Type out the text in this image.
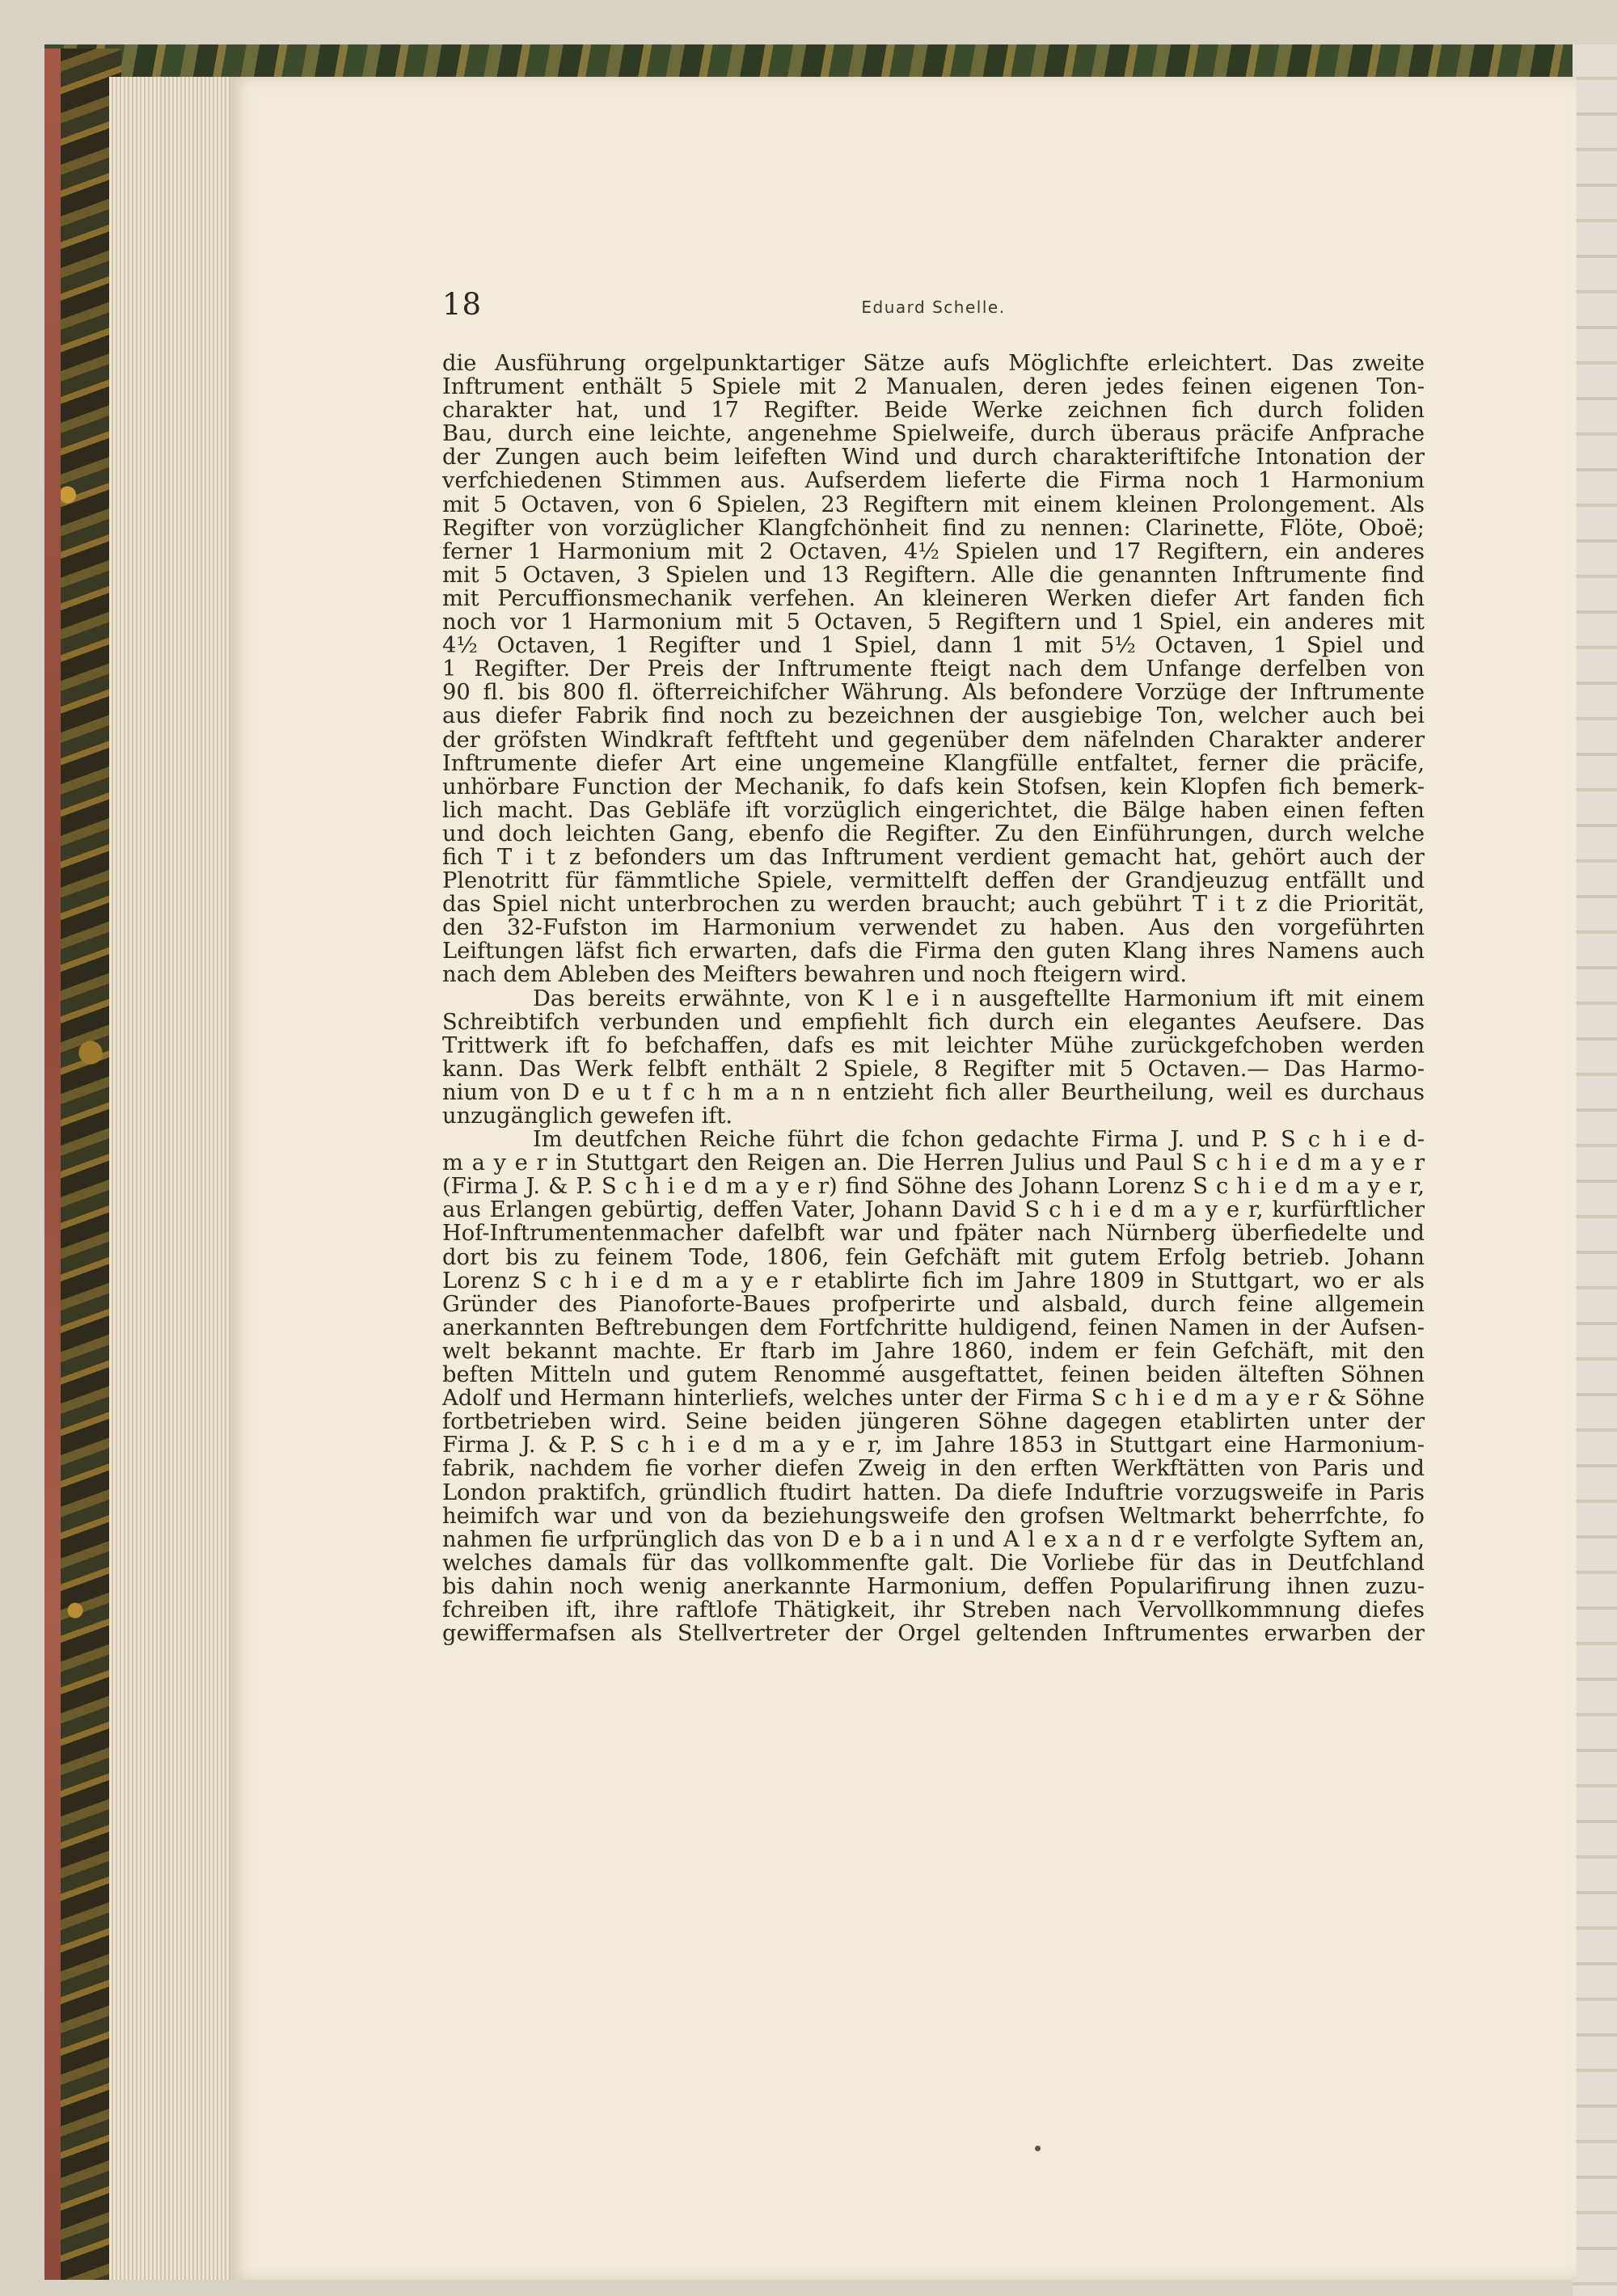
18	Eduard Schelle.
die Ausführung orgelpunktartiger Sätze aufs Möglichfte erleichtert. Das zweite
Inftrument enthält 5 Spiele mit 2 Manualen, deren jedes feinen eigenen Ton-
charakter hat, und 17 Regifter. Beide Werke zeichnen fich durch foliden
Bau, durch eine leichte, angenehme Spielweife, durch überaus präcife Anfprache
der Zungen auch beim leifeften Wind und durch charakteriftifche Intonation der
verfchiedenen Stimmen aus. Aufserdem lieferte die Firma noch 1 Harmonium
mit 5 Octaven, von 6 Spielen, 23 Regiftern mit einem kleinen Prolongement. Als
Regifter von vorzüglicher Klangfchönheit find zu nennen: Clarinette, Flöte, Oboë;
ferner 1 Harmonium mit 2 Octaven, 4½ Spielen und 17 Regiftern, ein anderes
mit 5 Octaven, 3 Spielen und 13 Regiftern. Alle die genannten Inftrumente find
mit Percuffionsmechanik verfehen. An kleineren Werken diefer Art fanden fich
noch vor 1 Harmonium mit 5 Octaven, 5 Regiftern und 1 Spiel, ein anderes mit
4½ Octaven, 1 Regifter und 1 Spiel, dann 1 mit 5½ Octaven, 1 Spiel und
1 Regifter. Der Preis der Inftrumente fteigt nach dem Unfange derfelben von
90 fl. bis 800 fl. öfterreichifcher Währung. Als befondere Vorzüge der Inftrumente
aus diefer Fabrik find noch zu bezeichnen der ausgiebige Ton, welcher auch bei
der gröfsten Windkraft feftfteht und gegenüber dem näfelnden Charakter anderer
Inftrumente diefer Art eine ungemeine Klangfülle entfaltet, ferner die präcife,
unhörbare Function der Mechanik, fo dafs kein Stofsen, kein Klopfen fich bemerk-
lich macht. Das Gebläfe ift vorzüglich eingerichtet, die Bälge haben einen feften
und doch leichten Gang, ebenfo die Regifter. Zu den Einführungen, durch welche
fich T i t z befonders um das Inftrument verdient gemacht hat, gehört auch der
Plenotritt für fämmtliche Spiele, vermittelft deffen der Grandjeuzug entfällt und
das Spiel nicht unterbrochen zu werden braucht; auch gebührt T i t z die Priorität,
den 32-Fufston im Harmonium verwendet zu haben. Aus den vorgeführten
Leiftungen läfst fich erwarten, dafs die Firma den guten Klang ihres Namens auch
nach dem Ableben des Meifters bewahren und noch fteigern wird.
Das bereits erwähnte, von K l e i n ausgeftellte Harmonium ift mit einem
Schreibtifch verbunden und empfiehlt fich durch ein elegantes Aeufsere. Das
Trittwerk ift fo befchaffen, dafs es mit leichter Mühe zurückgefchoben werden
kann. Das Werk felbft enthält 2 Spiele, 8 Regifter mit 5 Octaven.— Das Harmo-
nium von D e u t f c h m a n n entzieht fich aller Beurtheilung, weil es durchaus
unzugänglich gewefen ift.
Im deutfchen Reiche führt die fchon gedachte Firma J. und P. S c h i e d-
m a y e r in Stuttgart den Reigen an. Die Herren Julius und Paul S c h i e d m a y e r
(Firma J. & P. S c h i e d m a y e r) find Söhne des Johann Lorenz S c h i e d m a y e r,
aus Erlangen gebürtig, deffen Vater, Johann David S c h i e d m a y e r, kurfürftlicher
Hof-Inftrumentenmacher dafelbft war und fpäter nach Nürnberg überfiedelte und
dort bis zu feinem Tode, 1806, fein Gefchäft mit gutem Erfolg betrieb. Johann
Lorenz S c h i e d m a y e r etablirte fich im Jahre 1809 in Stuttgart, wo er als
Gründer des Pianoforte-Baues profperirte und alsbald, durch feine allgemein
anerkannten Beftrebungen dem Fortfchritte huldigend, feinen Namen in der Aufsen-
welt bekannt machte. Er ftarb im Jahre 1860, indem er fein Gefchäft, mit den
beften Mitteln und gutem Renommé ausgeftattet, feinen beiden älteften Söhnen
Adolf und Hermann hinterliefs, welches unter der Firma S c h i e d m a y e r & Söhne
fortbetrieben wird. Seine beiden jüngeren Söhne dagegen etablirten unter der
Firma J. & P. S c h i e d m a y e r, im Jahre 1853 in Stuttgart eine Harmonium-
fabrik, nachdem fie vorher diefen Zweig in den erften Werkftätten von Paris und
London praktifch, gründlich ftudirt hatten. Da diefe Induftrie vorzugsweife in Paris
heimifch war und von da beziehungsweife den grofsen Weltmarkt beherrfchte, fo
nahmen fie urfprünglich das von D e b a i n und A l e x a n d r e verfolgte Syftem an,
welches damals für das vollkommenfte galt. Die Vorliebe für das in Deutfchland
bis dahin noch wenig anerkannte Harmonium, deffen Popularifirung ihnen zuzu-
fchreiben ift, ihre raftlofe Thätigkeit, ihr Streben nach Vervollkommnung diefes
gewiffermafsen als Stellvertreter der Orgel geltenden Inftrumentes erwarben der
